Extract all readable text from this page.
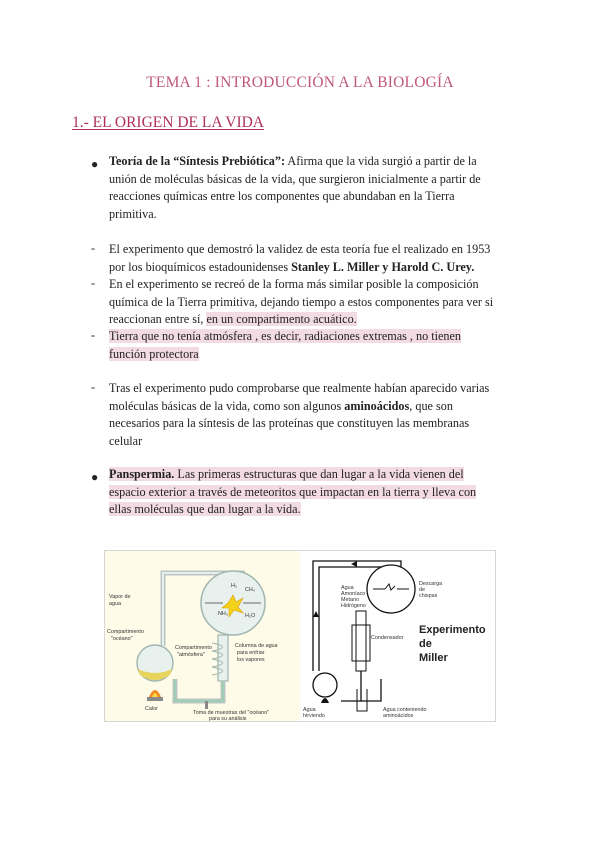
TEMA 1 : INTRODUCCIÓN A LA BIOLOGÍA
1.- EL ORIGEN DE LA VIDA
● Teoría de la “Síntesis Prebiótica”: Afirma que la vida surgió a partir de la
unión de moléculas básicas de la vida, que surgieron inicialmente a partir de
reacciones químicas entre los componentes que abundaban en la Tierra
primitiva.
- El experimento que demostró la validez de esta teoría fue el realizado en 1953
por los bioquímicos estadounidenses Stanley L. Miller y Harold C. Urey.
- En el experimento se recreó de la forma más similar posible la composición
química de la Tierra primitiva, dejando tiempo a estos componentes para ver si
reaccionan entre sí, en un compartimento acuático.
- Tierra que no tenía atmósfera , es decir, radiaciones extremas , no tienen
función protectora
- Tras el experimento pudo comprobarse que realmente habían aparecido varias
moléculas básicas de la vida, como son algunos aminoácidos, que son
necesarios para la síntesis de las proteínas que constituyen las membranas
celular
● Panspermia. Las primeras estructuras que dan lugar a la vida vienen del
espacio exterior a través de meteoritos que impactan en la tierra y lleva con
ellas moléculas que dan lugar a la vida.
H₂
CH₄
NH₃	H₂O
Vapor de
agua
Compartimento
"océano"
Calor
Compartimento
"atmósfera"
Columna de agua
para enfriar
los vapores
Toma de muestras del "océano"
para su análisis
Agua
Amoníaco
Metano
Hidrógeno
Descarga
de
chispas
Condensador
Agua
hirviendo
Agua conteniendo
aminoácidos
Experimento
de
Miller
